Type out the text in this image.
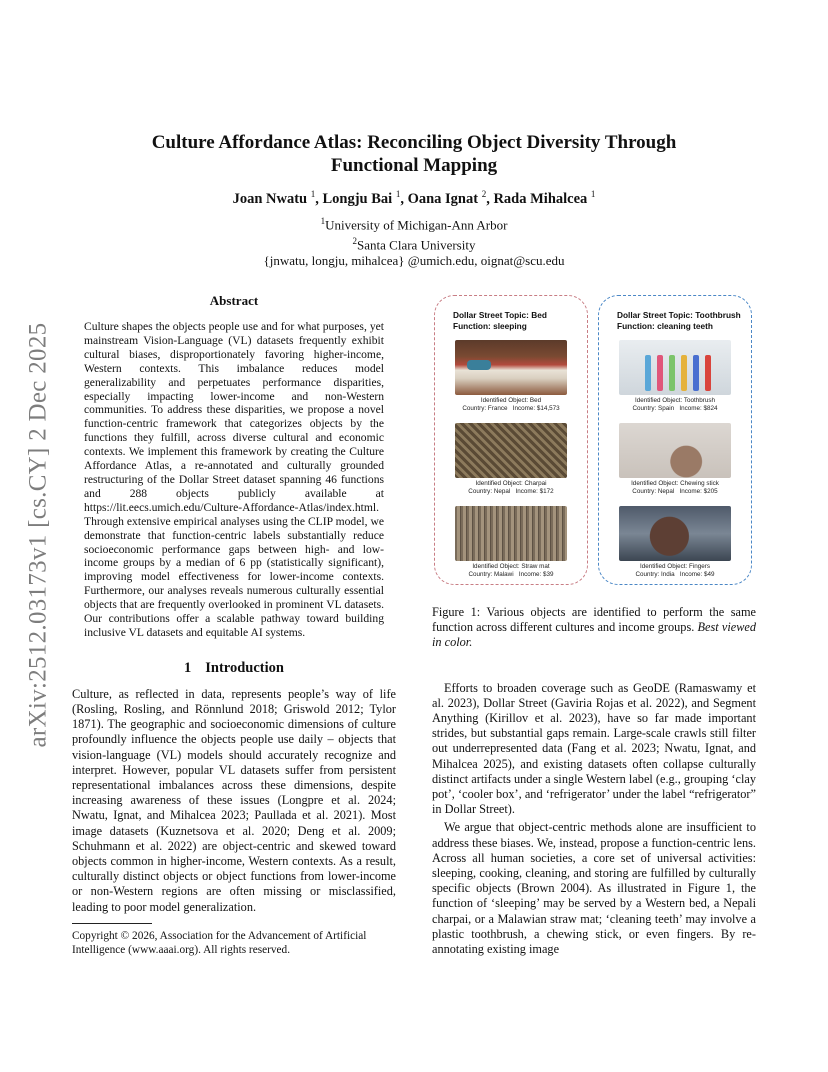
arXiv:2512.03173v1 [cs.CY] 2 Dec 2025
Culture Affordance Atlas: Reconciling Object Diversity Through Functional Mapping
Joan Nwatu $^1$, Longju Bai $^1$, Oana Ignat $^2$, Rada Mihalcea $^1$
$^1$University of Michigan-Ann Arbor
$^2$Santa Clara University
{jnwatu, longju, mihalcea} @umich.edu, oignat@scu.edu
Abstract

Culture shapes the objects people use and for what purposes, yet mainstream Vision-Language (VL) datasets frequently exhibit cultural biases, disproportionately favoring higher-income, Western contexts. This imbalance reduces model generalizability and perpetuates performance disparities, especially impacting lower-income and non-Western communities. To address these disparities, we propose a novel function-centric framework that categorizes objects by the functions they fulfill, across diverse cultural and economic contexts. We implement this framework by creating the Culture Affordance Atlas, a re-annotated and culturally grounded restructuring of the Dollar Street dataset spanning 46 functions and 288 objects publicly available at https://lit.eecs.umich.edu/Culture-Affordance-Atlas/index.html. Through extensive empirical analyses using the CLIP model, we demonstrate that function-centric labels substantially reduce socioeconomic performance gaps between high- and low-income groups by a median of 6 pp (statistically significant), improving model effectiveness for lower-income contexts. Furthermore, our analyses reveals numerous culturally essential objects that are frequently overlooked in prominent VL datasets. Our contributions offer a scalable pathway toward building inclusive VL datasets and equitable AI systems.

1 Introduction

Culture, as reflected in data, represents people’s way of life (Rosling, Rosling, and Rönnlund 2018; Griswold 2012; Tylor 1871). The geographic and socioeconomic dimensions of culture profoundly influence the objects people use daily – objects that vision-language (VL) models should accurately recognize and interpret. However, popular VL datasets suffer from persistent representational imbalances across these dimensions, despite increasing awareness of these issues (Longpre et al. 2024; Nwatu, Ignat, and Mihalcea 2023; Paullada et al. 2021). Most image datasets (Kuznetsova et al. 2020; Deng et al. 2009; Schuhmann et al. 2022) are object-centric and skewed toward objects common in higher-income, Western contexts. As a result, culturally distinct objects or object functions from lower-income or non-Western regions are often missing or misclassified, leading to poor model generalization.

Copyright © 2026, Association for the Advancement of Artificial Intelligence (www.aaai.org). All rights reserved.

Dollar Street Topic: Bed
Function: sleeping
Identified Object: Bed
Country: France Income: $14,573
Identified Object: Charpai
Country: Nepal Income: $172
Identified Object: Straw mat
Country: Malawi Income: $39
Dollar Street Topic: Toothbrush
Function: cleaning teeth
Identified Object: Toothbrush
Country: Spain Income: $824
Identified Object: Chewing stick
Country: Nepal Income: $205
Identified Object: Fingers
Country: India Income: $49

Figure 1: Various objects are identified to perform the same function across different cultures and income groups. Best viewed in color.

Efforts to broaden coverage such as GeoDE (Ramaswamy et al. 2023), Dollar Street (Gaviria Rojas et al. 2022), and Segment Anything (Kirillov et al. 2023), have so far made important strides, but substantial gaps remain. Large-scale crawls still filter out underrepresented data (Fang et al. 2023; Nwatu, Ignat, and Mihalcea 2025), and existing datasets often collapse culturally distinct artifacts under a single Western label (e.g., grouping ‘clay pot’, ‘cooler box’, and ‘refrigerator’ under the label “refrigerator” in Dollar Street).

We argue that object-centric methods alone are insufficient to address these biases. We, instead, propose a function-centric lens. Across all human societies, a core set of universal activities: sleeping, cooking, cleaning, and storing are fulfilled by culturally specific objects (Brown 2004). As illustrated in Figure 1, the function of ‘sleeping’ may be served by a Western bed, a Nepali charpai, or a Malawian straw mat; ‘cleaning teeth’ may involve a plastic toothbrush, a chewing stick, or even fingers. By re-annotating existing image
